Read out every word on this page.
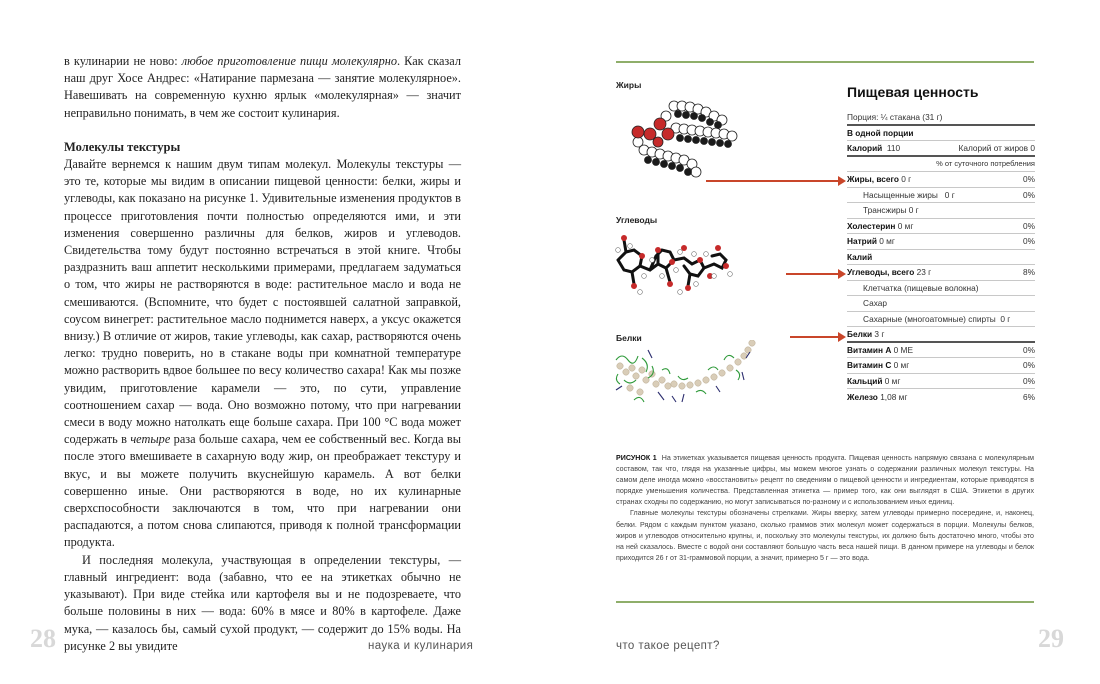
в кулинарии не ново: любое приготовление пищи молекулярно. Как сказал наш друг Хосе Андрес: «Натирание пармезана — занятие молекулярное». Навешивать на современную кухню ярлык «молекулярная» — значит неправильно понимать, в чем же состоит кулинария.

Молекулы текстуры

Давайте вернемся к нашим двум типам молекул. Молекулы текстуры — это те, которые мы видим в описании пищевой ценности: белки, жиры и углеводы, как показано на рисунке 1. Удивительные изменения продуктов в процессе приготовления почти полностью определяются ими, и эти изменения совершенно различны для белков, жиров и углеводов. Свидетельства тому будут постоянно встречаться в этой книге. Чтобы раздразнить ваш аппетит несколькими примерами, предлагаем задуматься о том, что жиры не растворяются в воде: растительное масло и вода не смешиваются. (Вспомните, что будет с постоявшей салатной заправкой, соусом винегрет: растительное масло поднимется наверх, а уксус окажется внизу.) В отличие от жиров, такие углеводы, как сахар, растворяются очень легко: трудно поверить, но в стакане воды при комнатной температуре можно растворить вдвое большее по весу количество сахара! Как мы позже увидим, приготовление карамели — это, по сути, управление соотношением сахар — вода. Оно возможно потому, что при нагревании смеси в воду можно натолкать еще больше сахара. При 100 °C вода может содержать в четыре раза больше сахара, чем ее собственный вес. Когда вы после этого вмешиваете в сахарную воду жир, он преображает текстуру и вкус, и вы можете получить вкуснейшую карамель. А вот белки совершенно иные. Они растворяются в воде, но их кулинарные сверхспособности заключаются в том, что при нагревании они распадаются, а потом снова слипаются, приводя к полной трансформации продукта.

И последняя молекула, участвующая в определении текстуры, — главный ингредиент: вода (забавно, что ее на этикетках обычно не указывают). При виде стейка или картофеля вы и не подозреваете, что больше половины в них — вода: 60% в мясе и 80% в картофеле. Даже мука, — казалось бы, самый сухой продукт, — содержит до 15% воды. На рисунке 2 вы увидите

28	наука и кулинария
Жиры
Углеводы
Белки
Пищевая ценность
Порция: ¼ стакана (31 г)
В одной порции
Калорий 110	Калорий от жиров 0
% от суточного потребления
Жиры, всего 0 г	0%
Насыщенные жиры 0 г	0%
Трансжиры 0 г
Холестерин 0 мг	0%
Натрий 0 мг	0%
Калий
Углеводы, всего 23 г	8%
Клетчатка (пищевые волокна)
Сахар
Сахарные (многоатомные) спирты 0 г
Белки 3 г
Витамин А 0 МЕ	0%
Витамин С 0 мг	0%
Кальций 0 мг	0%
Железо 1,08 мг	6%

РИСУНОК 1 На этикетках указывается пищевая ценность продукта. Пищевая ценность напрямую связана с молекулярным составом, так что, глядя на указанные цифры, мы можем многое узнать о содержании различных молекул текстуры. На самом деле иногда можно «восстановить» рецепт по сведениям о пищевой ценности и ингредиентам, которые приводятся в порядке уменьшения количества. Представленная этикетка — пример того, как они выглядят в США. Этикетки в других странах сходны по содержанию, но могут записываться по-разному и с использованием иных единиц.

Главные молекулы текстуры обозначены стрелками. Жиры вверху, затем углеводы примерно посередине, и, наконец, белки. Рядом с каждым пунктом указано, сколько граммов этих молекул может содержаться в порции. Молекулы белков, жиров и углеводов относительно крупны, и, поскольку это молекулы текстуры, их должно быть достаточно много, чтобы это на ней сказалось. Вместе с водой они составляют большую часть веса нашей пищи. В данном примере на углеводы и белок приходится 26 г от 31-граммовой порции, а значит, примерно 5 г — это вода.

что такое рецепт?	29
